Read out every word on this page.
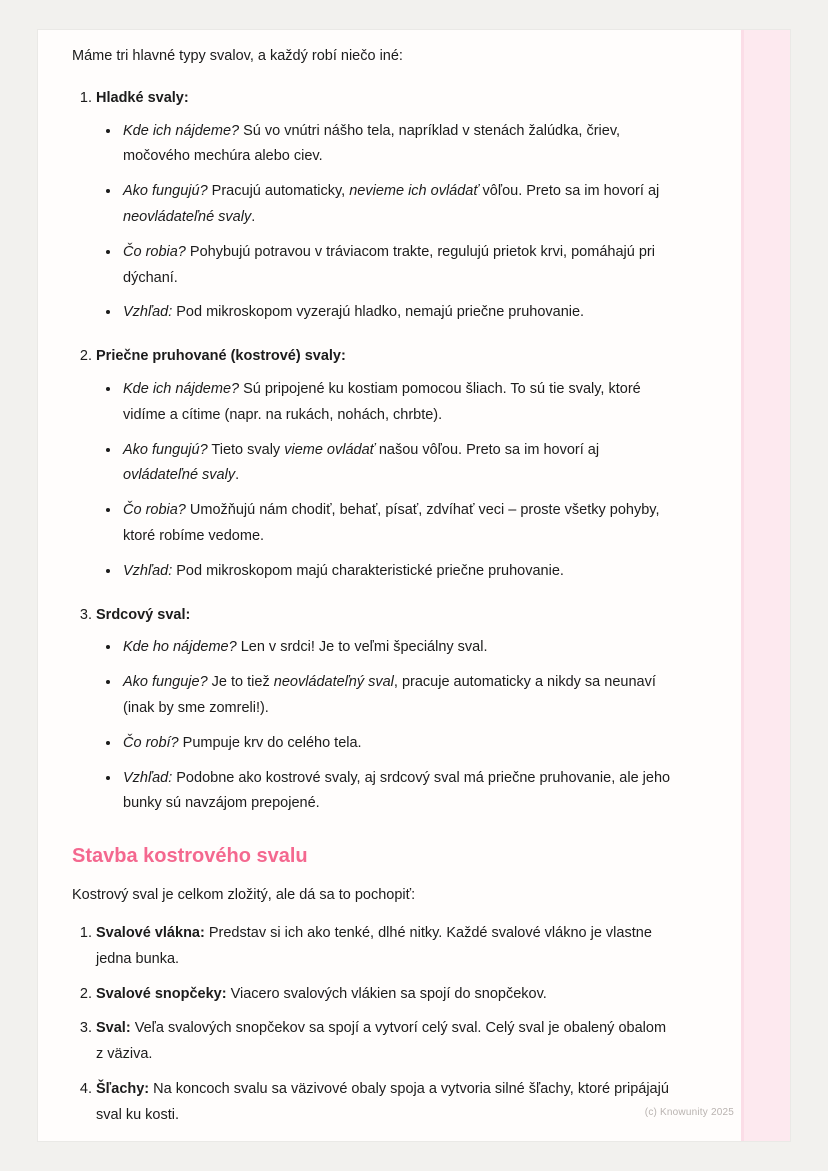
Máme tri hlavné typy svalov, a každý robí niečo iné:

1. Hladké svaly:
• Kde ich nájdeme? Sú vo vnútri nášho tela, napríklad v stenách žalúdka, čriev, močového mechúra alebo ciev.
• Ako fungujú? Pracujú automaticky, nevieme ich ovládať vôľou. Preto sa im hovorí aj neovládateľné svaly.
• Čo robia? Pohybujú potravou v tráviacom trakte, regulujú prietok krvi, pomáhajú pri dýchaní.
• Vzhľad: Pod mikroskopom vyzerajú hladko, nemajú priečne pruhovanie.
2. Priečne pruhované (kostrové) svaly:
• Kde ich nájdeme? Sú pripojené ku kostiam pomocou šliach. To sú tie svaly, ktoré vidíme a cítime (napr. na rukách, nohách, chrbte).
• Ako fungujú? Tieto svaly vieme ovládať našou vôľou. Preto sa im hovorí aj ovládateľné svaly.
• Čo robia? Umožňujú nám chodiť, behať, písať, zdvíhať veci – proste všetky pohyby, ktoré robíme vedome.
• Vzhľad: Pod mikroskopom majú charakteristické priečne pruhovanie.
3. Srdcový sval:
• Kde ho nájdeme? Len v srdci! Je to veľmi špeciálny sval.
• Ako funguje? Je to tiež neovládateľný sval, pracuje automaticky a nikdy sa neunaví (inak by sme zomreli!).
• Čo robí? Pumpuje krv do celého tela.
• Vzhľad: Podobne ako kostrové svaly, aj srdcový sval má priečne pruhovanie, ale jeho bunky sú navzájom prepojené.
Stavba kostrového svalu

Kostrový sval je celkom zložitý, ale dá sa to pochopiť:

1. Svalové vlákna: Predstav si ich ako tenké, dlhé nitky. Každé svalové vlákno je vlastne jedna bunka.
2. Svalové snopčeky: Viacero svalových vlákien sa spojí do snopčekov.
3. Sval: Veľa svalových snopčekov sa spojí a vytvorí celý sval. Celý sval je obalený obalom z väziva.
4. Šľachy: Na koncoch svalu sa väzivové obaly spoja a vytvoria silné šľachy, ktoré pripájajú sval ku kosti.	(c) Knowunity 2025
